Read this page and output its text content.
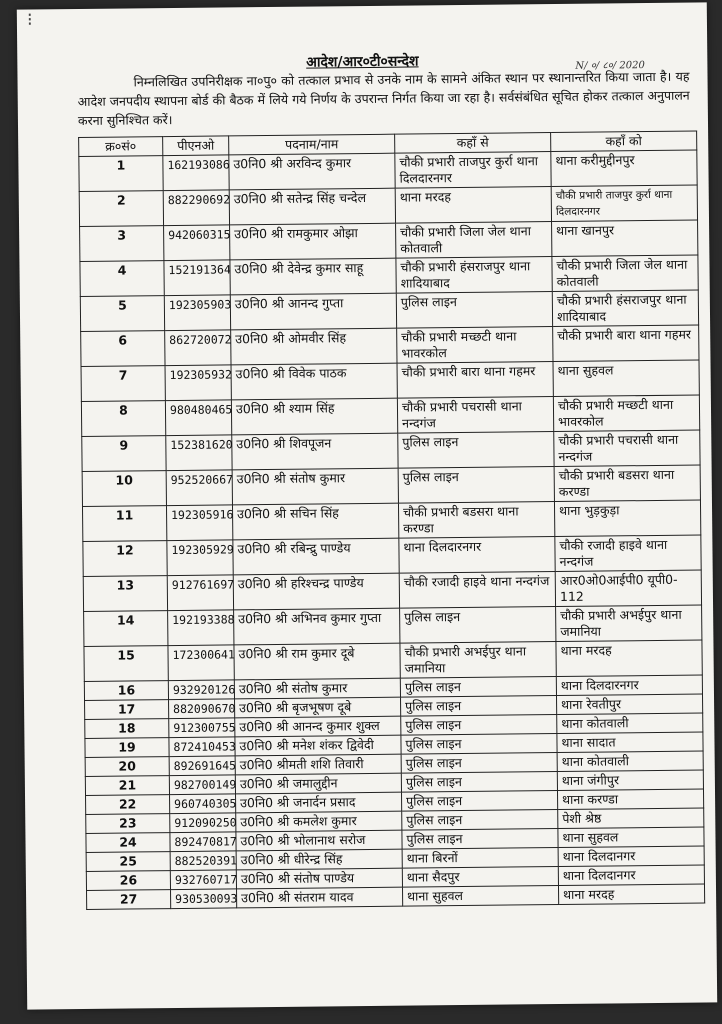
⁝
आदेश/आर०टी०सन्देश	N/ ०/ ८०/ 2020
निम्नलिखित उपनिरीक्षक ना०पु० को तत्काल प्रभाव से उनके नाम के सामने अंकित स्थान पर स्थानान्तरित किया जाता है। यह आदेश जनपदीय स्थापना बोर्ड की बैठक में लिये गये निर्णय के उपरान्त निर्गत किया जा रहा है। सर्वसंबंधित सूचित होकर तत्काल अनुपालन करना सुनिश्चित करें।
क्र०सं०	पीएनओ	पदनाम/नाम	कहाँ से	कहाँ को
1	162193086	उ0नि0 श्री अरविन्द कुमार	चौकी प्रभारी ताजपुर कुर्रा थाना दिलदारनगर	थाना करीमुद्दीनपुर
2	882290692	उ0नि0 श्री सतेन्द्र सिंह चन्देल	थाना मरदह	चौकी प्रभारी ताजपुर कुर्रा थाना दिलदारनगर
3	942060315	उ0नि0 श्री रामकुमार ओझा	चौकी प्रभारी जिला जेल थाना कोतवाली	थाना खानपुर
4	152191364	उ0नि0 श्री देवेन्द्र कुमार साहू	चौकी प्रभारी हंसराजपुर थाना शादियाबाद	चौकी प्रभारी जिला जेल थाना कोतवाली
5	192305903	उ0नि0 श्री आनन्द गुप्ता	पुलिस लाइन	चौकी प्रभारी हंसराजपुर थाना शादियाबाद
6	862720072	उ0नि0 श्री ओमवीर सिंह	चौकी प्रभारी मच्छटी थाना भावरकोल	चौकी प्रभारी बारा थाना गहमर
7	192305932	उ0नि0 श्री विवेक पाठक	चौकी प्रभारी बारा थाना गहमर	थाना सुहवल
8	980480465	उ0नि0 श्री श्याम सिंह	चौकी प्रभारी पचरासी थाना नन्दगंज	चौकी प्रभारी मच्छटी थाना भावरकोल
9	152381620	उ0नि0 श्री शिवपूजन	पुलिस लाइन	चौकी प्रभारी पचरासी थाना नन्दगंज
10	952520667	उ0नि0 श्री संतोष कुमार	पुलिस लाइन	चौकी प्रभारी बडसरा थाना करण्डा
11	192305916	उ0नि0 श्री सचिन सिंह	चौकी प्रभारी बडसरा थाना करण्डा	थाना भुड़कुड़ा
12	192305929	उ0नि0 श्री रबिन्द्रु पाण्डेय	थाना दिलदारनगर	चौकी रजादी हाइवे थाना नन्दगंज
13	912761697	उ0नि0 श्री हरिश्चन्द्र पाण्डेय	चौकी रजादी हाइवे थाना नन्दगंज	आर0ओ0आईपी0 यूपी0-112
14	192193388	उ0नि0 श्री अभिनव कुमार गुप्ता	पुलिस लाइन	चौकी प्रभारी अभईपुर थाना जमानिया
15	172300641	उ0नि0 श्री राम कुमार दूबे	चौकी प्रभारी अभईपुर थाना जमानिया	थाना मरदह
16	932920126	उ0नि0 श्री संतोष कुमार	पुलिस लाइन	थाना दिलदारनगर
17	882090670	उ0नि0 श्री बृजभूषण दूबे	पुलिस लाइन	थाना रेवतीपुर
18	912300755	उ0नि0 श्री आनन्द कुमार शुक्ल	पुलिस लाइन	थाना कोतवाली
19	872410453	उ0नि0 श्री मनेश शंकर द्विवेदी	पुलिस लाइन	थाना सादात
20	892691645	उ0नि0 श्रीमती शशि तिवारी	पुलिस लाइन	थाना कोतवाली
21	982700149	उ0नि0 श्री जमालुद्दीन	पुलिस लाइन	थाना जंगीपुर
22	960740305	उ0नि0 श्री जनार्दन प्रसाद	पुलिस लाइन	थाना करण्डा
23	912090250	उ0नि0 श्री कमलेश कुमार	पुलिस लाइन	पेशी श्रेष्ठ
24	892470817	उ0नि0 श्री भोलानाथ सरोज	पुलिस लाइन	थाना सुहवल
25	882520391	उ0नि0 श्री धीरेन्द्र सिंह	थाना बिरनों	थाना दिलदानगर
26	932760717	उ0नि0 श्री संतोष पाण्डेय	थाना सैदपुर	थाना दिलदानगर
27	930530093	उ0नि0 श्री संतराम यादव	थाना सुहवल	थाना मरदह
